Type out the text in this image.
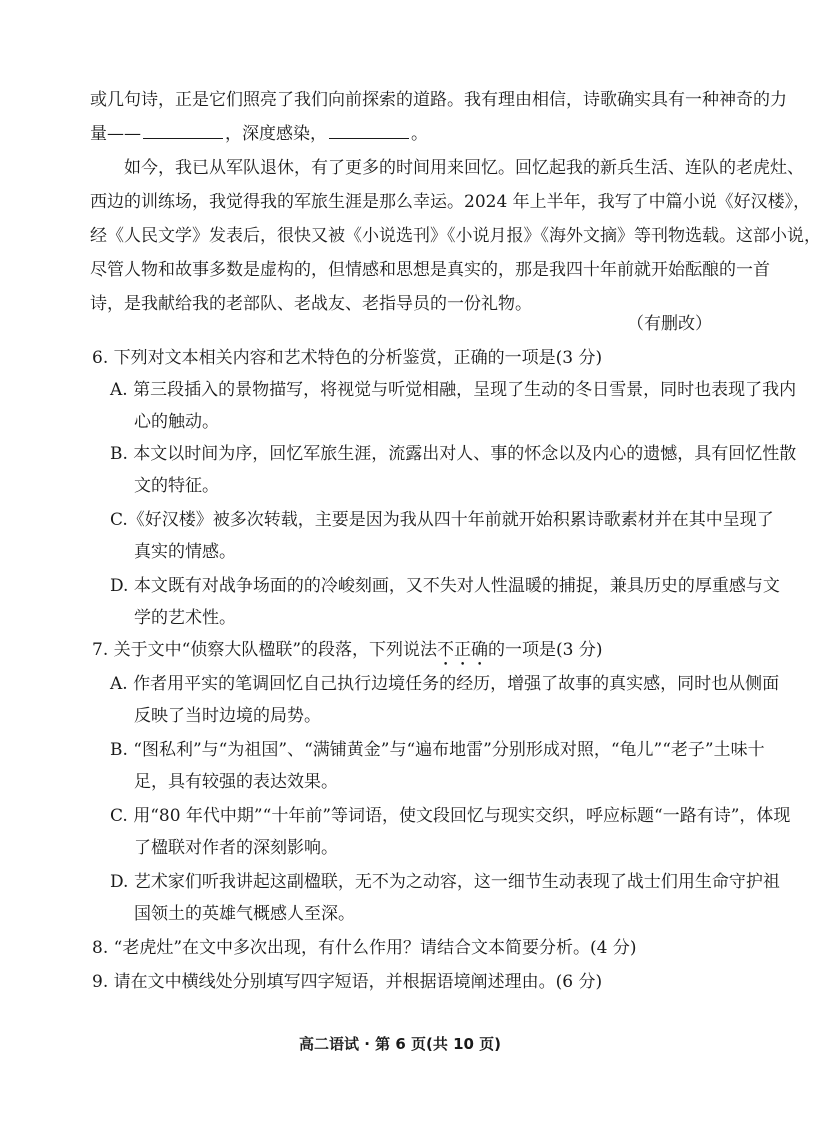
或几句诗，正是它们照亮了我们向前探索的道路。我有理由相信，诗歌确实具有一种神奇的力
量——	，深度感染，	。
如今，我已从军队退休，有了更多的时间用来回忆。回忆起我的新兵生活、连队的老虎灶、
西边的训练场，我觉得我的军旅生涯是那么幸运。2024 年上半年，我写了中篇小说《好汉楼》，
经《人民文学》发表后，很快又被《小说选刊》《小说月报》《海外文摘》等刊物选载。这部小说，
尽管人物和故事多数是虚构的，但情感和思想是真实的，那是我四十年前就开始酝酿的一首
诗，是我献给我的老部队、老战友、老指导员的一份礼物。
（有删改）
6. 下列对文本相关内容和艺术特色的分析鉴赏，正确的一项是(3 分)
A. 第三段插入的景物描写，将视觉与听觉相融，呈现了生动的冬日雪景，同时也表现了我内
心的触动。
B. 本文以时间为序，回忆军旅生涯，流露出对人、事的怀念以及内心的遗憾，具有回忆性散
文的特征。
C.《好汉楼》被多次转载，主要是因为我从四十年前就开始积累诗歌素材并在其中呈现了
真实的情感。
D. 本文既有对战争场面的的冷峻刻画，又不失对人性温暖的捕捉，兼具历史的厚重感与文
学的艺术性。
7. 关于文中“侦察大队楹联”的段落，下列说法不正确的一项是(3 分)
A. 作者用平实的笔调回忆自己执行边境任务的经历，增强了故事的真实感，同时也从侧面
反映了当时边境的局势。
B. “图私利”与“为祖国”、“满铺黄金”与“遍布地雷”分别形成对照，“龟儿”“老子”土味十
足，具有较强的表达效果。
C. 用“80 年代中期”“十年前”等词语，使文段回忆与现实交织，呼应标题“一路有诗”，体现
了楹联对作者的深刻影响。
D. 艺术家们听我讲起这副楹联，无不为之动容，这一细节生动表现了战士们用生命守护祖
国领土的英雄气概感人至深。
8. “老虎灶”在文中多次出现，有什么作用？请结合文本简要分析。(4 分)
9. 请在文中横线处分别填写四字短语，并根据语境阐述理由。(6 分)
高二语试 · 第 6 页(共 10 页)
